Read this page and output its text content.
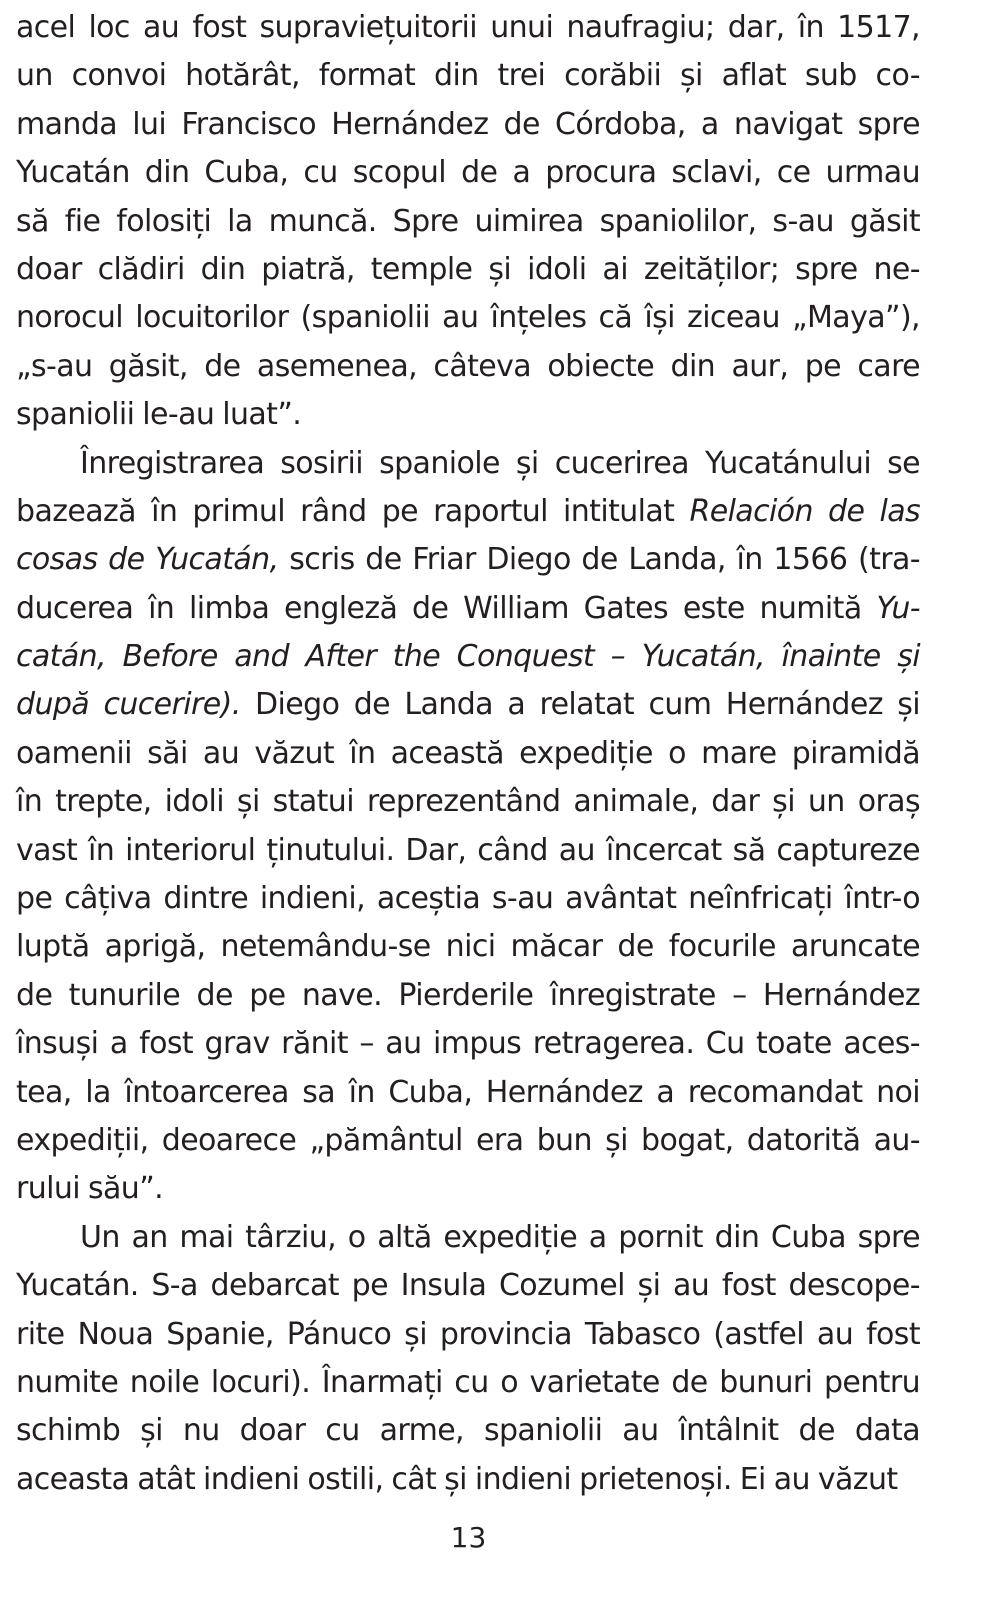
acel loc au fost supraviețuitorii unui naufragiu; dar, în 1517,
un convoi hotărât, format din trei corăbii și aflat sub co-
manda lui Francisco Hernández de Córdoba, a navigat spre
Yucatán din Cuba, cu scopul de a procura sclavi, ce urmau
să fie folosiți la muncă. Spre uimirea spaniolilor, s-au găsit
doar clădiri din piatră, temple și idoli ai zeităților; spre ne-
norocul locuitorilor (spaniolii au înțeles că își ziceau „Maya”),
„s-au găsit, de asemenea, câteva obiecte din aur, pe care
spaniolii le-au luat”.
Înregistrarea sosirii spaniole și cucerirea Yucatánului se
bazează în primul rând pe raportul intitulat Relación de las
cosas de Yucatán, scris de Friar Diego de Landa, în 1566 (tra-
ducerea în limba engleză de William Gates este numită Yu-
catán, Before and After the Conquest – Yucatán, înainte și
după cucerire). Diego de Landa a relatat cum Hernández și
oamenii săi au văzut în această expediție o mare piramidă
în trepte, idoli și statui reprezentând animale, dar și un oraș
vast în interiorul ținutului. Dar, când au încercat să captureze
pe câțiva dintre indieni, aceștia s-au avântat neînfricați într-o
luptă aprigă, netemându-se nici măcar de focurile aruncate
de tunurile de pe nave. Pierderile înregistrate – Hernández
însuși a fost grav rănit – au impus retragerea. Cu toate aces-
tea, la întoarcerea sa în Cuba, Hernández a recomandat noi
expediții, deoarece „pământul era bun și bogat, datorită au-
rului său”.
Un an mai târziu, o altă expediție a pornit din Cuba spre
Yucatán. S-a debarcat pe Insula Cozumel și au fost descope-
rite Noua Spanie, Pánuco și provincia Tabasco (astfel au fost
numite noile locuri). Înarmați cu o varietate de bunuri pentru
schimb și nu doar cu arme, spaniolii au întâlnit de data
aceasta atât indieni ostili, cât și indieni prietenoși. Ei au văzut
13
